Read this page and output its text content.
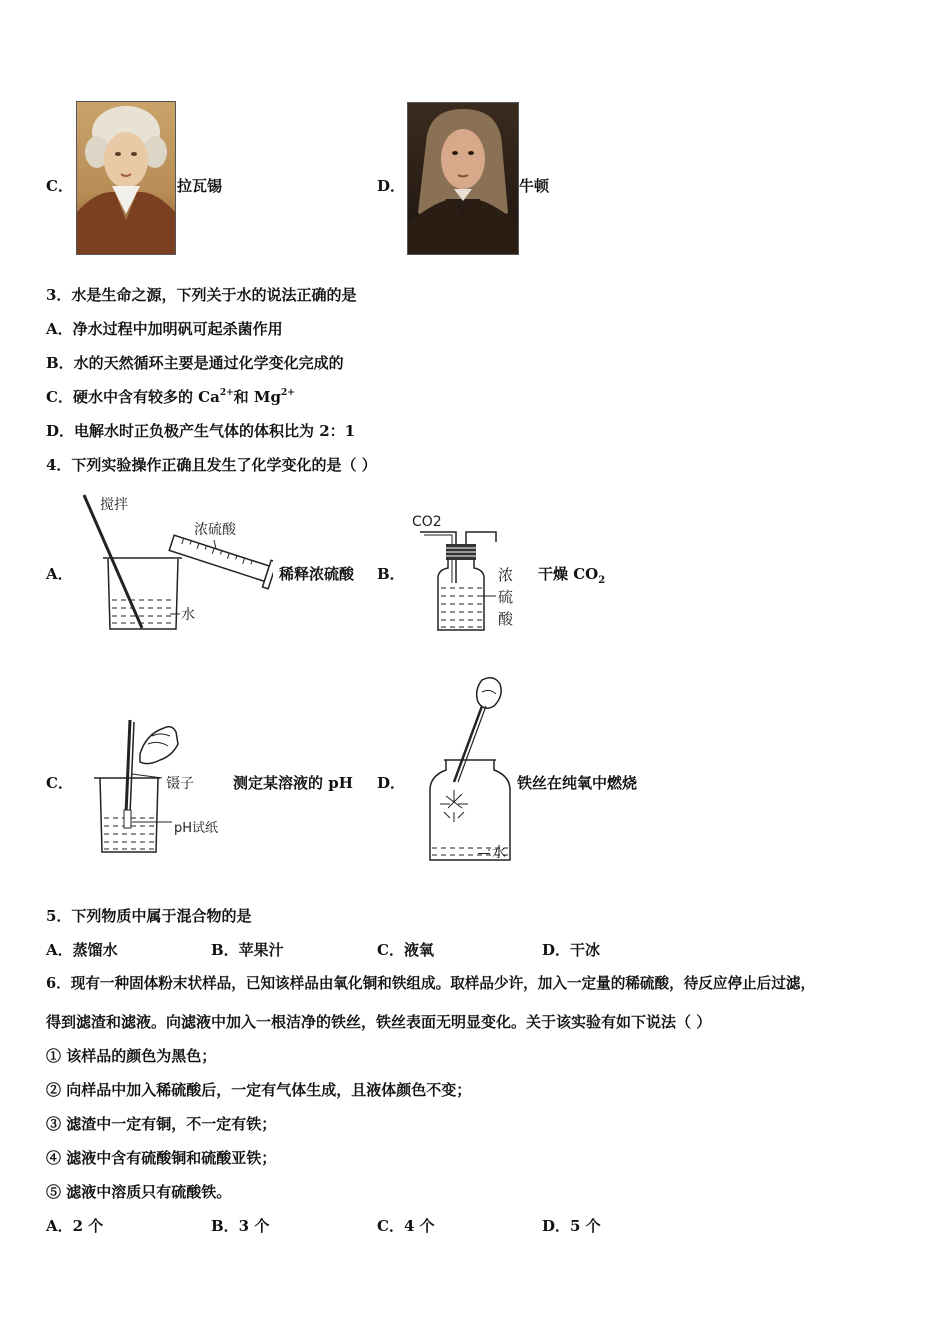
C．	拉瓦锡	D．	牛顿
3．水是生命之源，下列关于水的说法正确的是
A．净水过程中加明矾可起杀菌作用
B．水的天然循环主要是通过化学变化完成的
C．硬水中含有较多的 $Ca^{2+}$和 $Mg^{2+}$
D．电解水时正负极产生气体的体积比为 2：1
4．下列实验操作正确且发生了化学变化的是（ ）
A．
搅拌
浓硫酸
水
稀释浓硫酸 B．
CO2
浓
硫
酸
干燥 $CO_2$
C．	镊子
pH试纸
测定某溶液的 pH D．
水
铁丝在纯氧中燃烧
5．下列物质中属于混合物的是
A．蒸馏水	B．苹果汁	C．液氧	D．干冰
6．现有一种固体粉末状样品，已知该样品由氧化铜和铁组成。取样品少许，加入一定量的稀硫酸，待反应停止后过滤，
得到滤渣和滤液。向滤液中加入一根洁净的铁丝，铁丝表面无明显变化。关于该实验有如下说法（ ）
① 该样品的颜色为黑色；
② 向样品中加入稀硫酸后，一定有气体生成，且液体颜色不变；
③ 滤渣中一定有铜，不一定有铁；
④ 滤液中含有硫酸铜和硫酸亚铁；
⑤ 滤液中溶质只有硫酸铁。
A．2 个	B．3 个	C．4 个	D．5 个
